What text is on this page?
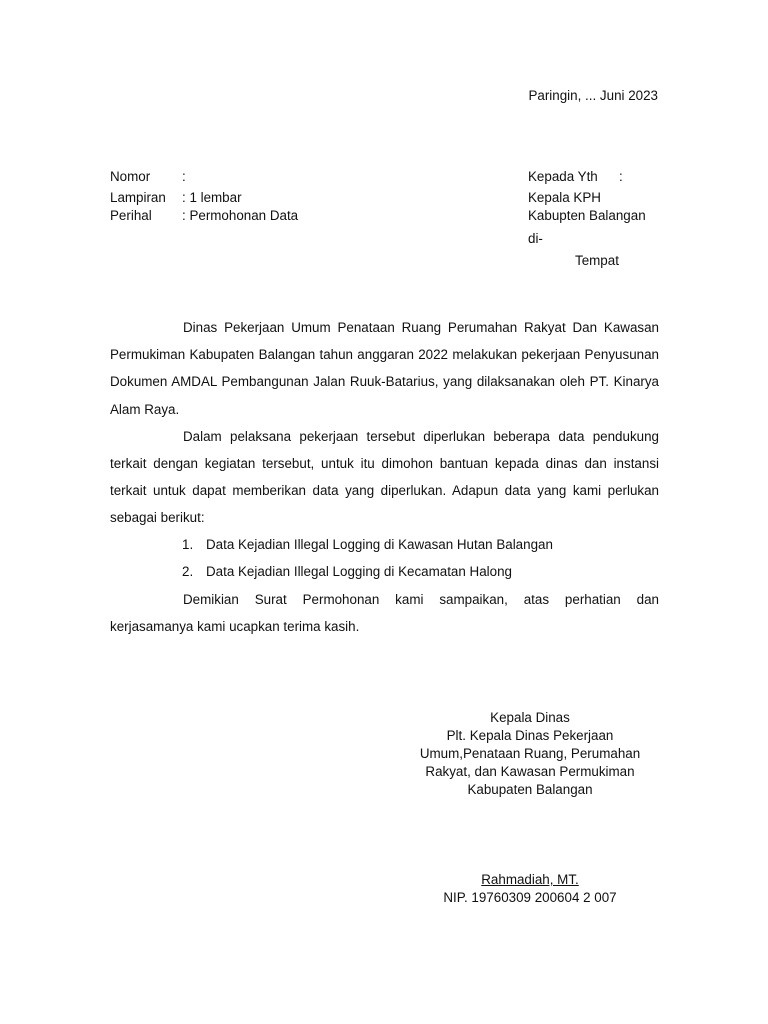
Paringin, ... Juni 2023
Nomor :
Lampiran : 1 lembar
Perihal : Permohonan Data
Kepada Yth :
Kepala KPH
Kabupten Balangan
di-
Tempat

Dinas Pekerjaan Umum Penataan Ruang Perumahan Rakyat Dan Kawasan Permukiman Kabupaten Balangan tahun anggaran 2022 melakukan pekerjaan Penyusunan Dokumen AMDAL Pembangunan Jalan Ruuk-Batarius, yang dilaksanakan oleh PT. Kinarya Alam Raya.

Dalam pelaksana pekerjaan tersebut diperlukan beberapa data pendukung terkait dengan kegiatan tersebut, untuk itu dimohon bantuan kepada dinas dan instansi terkait untuk dapat memberikan data yang diperlukan. Adapun data yang kami perlukan sebagai berikut:

1. Data Kejadian Illegal Logging di Kawasan Hutan Balangan
2. Data Kejadian Illegal Logging di Kecamatan Halong

Demikian Surat Permohonan kami sampaikan, atas perhatian dan kerjasamanya kami ucapkan terima kasih.

Kepala Dinas
Plt. Kepala Dinas Pekerjaan
Umum,Penataan Ruang, Perumahan
Rakyat, dan Kawasan Permukiman
Kabupaten Balangan
Rahmadiah, MT.
NIP. 19760309 200604 2 007
